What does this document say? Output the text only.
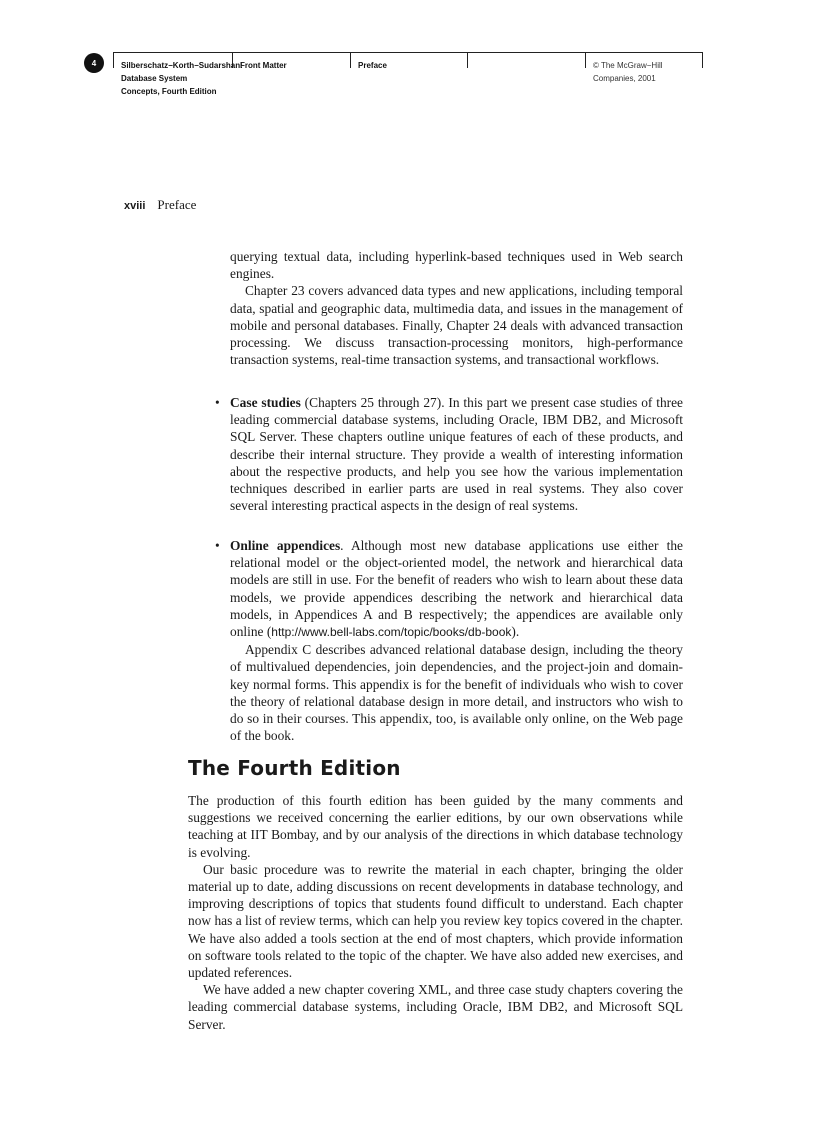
4	Silberschatz−Korth−Sudarshan:
Database System
Concepts, Fourth Edition
Front Matter	Preface	© The McGraw−Hill
Companies, 2001
xviii Preface

querying textual data, including hyperlink-based techniques used in Web search engines.

Chapter 23 covers advanced data types and new applications, including temporal data, spatial and geographic data, multimedia data, and issues in the management of mobile and personal databases. Finally, Chapter 24 deals with advanced transaction processing. We discuss transaction-processing monitors, high-performance transaction systems, real-time transaction systems, and transactional workflows.

• Case studies (Chapters 25 through 27). In this part we present case studies of three leading commercial database systems, including Oracle, IBM DB2, and Microsoft SQL Server. These chapters outline unique features of each of these products, and describe their internal structure. They provide a wealth of interesting information about the respective products, and help you see how the various implementation techniques described in earlier parts are used in real systems. They also cover several interesting practical aspects in the design of real systems.

• Online appendices. Although most new database applications use either the relational model or the object-oriented model, the network and hierarchical data models are still in use. For the benefit of readers who wish to learn about these data models, we provide appendices describing the network and hierarchical data models, in Appendices A and B respectively; the appendices are available only online (http://www.bell-labs.com/topic/books/db-book).

Appendix C describes advanced relational database design, including the theory of multivalued dependencies, join dependencies, and the project-join and domain-key normal forms. This appendix is for the benefit of individuals who wish to cover the theory of relational database design in more detail, and instructors who wish to do so in their courses. This appendix, too, is available only online, on the Web page of the book.

The Fourth Edition

The production of this fourth edition has been guided by the many comments and suggestions we received concerning the earlier editions, by our own observations while teaching at IIT Bombay, and by our analysis of the directions in which database technology is evolving.

Our basic procedure was to rewrite the material in each chapter, bringing the older material up to date, adding discussions on recent developments in database technology, and improving descriptions of topics that students found difficult to understand. Each chapter now has a list of review terms, which can help you review key topics covered in the chapter. We have also added a tools section at the end of most chapters, which provide information on software tools related to the topic of the chapter. We have also added new exercises, and updated references.

We have added a new chapter covering XML, and three case study chapters covering the leading commercial database systems, including Oracle, IBM DB2, and Microsoft SQL Server.
